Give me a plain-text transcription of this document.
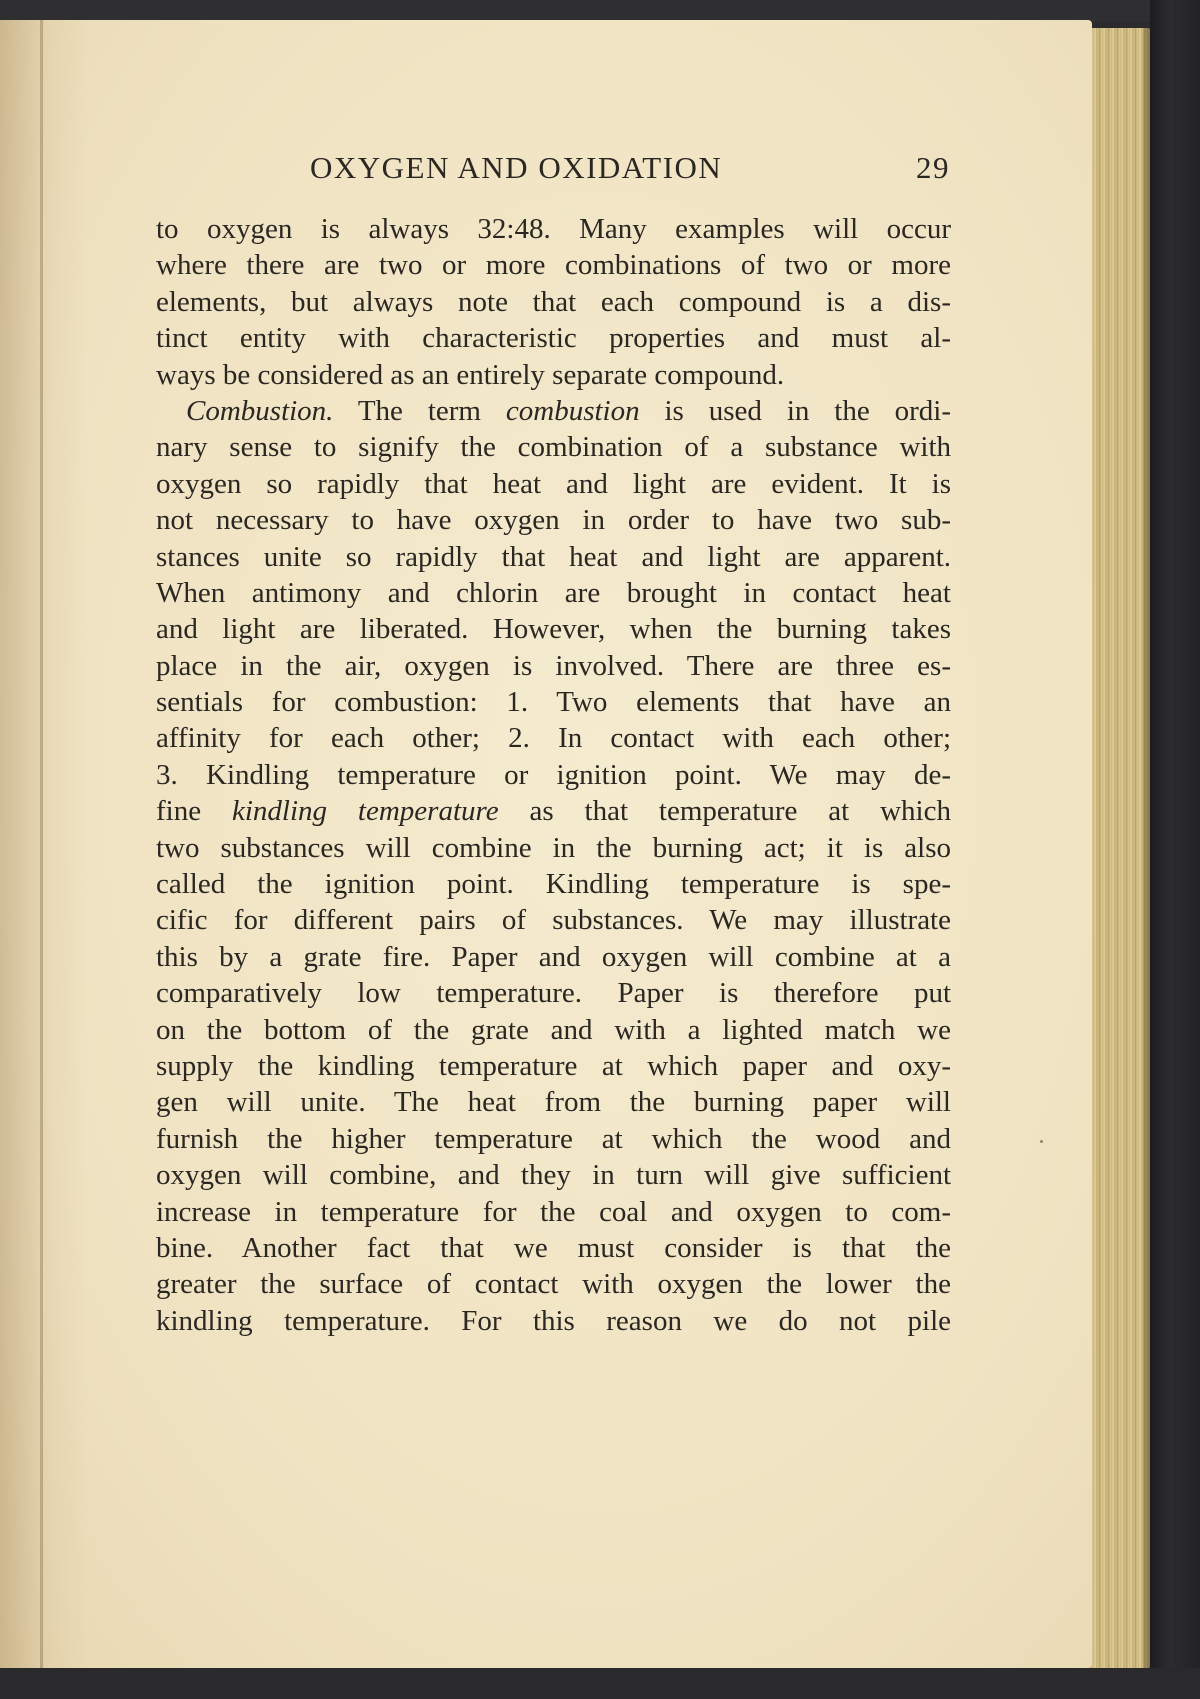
OXYGEN AND OXIDATION	29
to oxygen is always 32:48. Many examples will occur
where there are two or more combinations of two or more
elements, but always note that each compound is a dis-
tinct entity with characteristic properties and must al-
ways be considered as an entirely separate compound.
Combustion. The term combustion is used in the ordi-
nary sense to signify the combination of a substance with
oxygen so rapidly that heat and light are evident. It is
not necessary to have oxygen in order to have two sub-
stances unite so rapidly that heat and light are apparent.
When antimony and chlorin are brought in contact heat
and light are liberated. However, when the burning takes
place in the air, oxygen is involved. There are three es-
sentials for combustion: 1. Two elements that have an
affinity for each other; 2. In contact with each other;
3. Kindling temperature or ignition point. We may de-
fine kindling temperature as that temperature at which
two substances will combine in the burning act; it is also
called the ignition point. Kindling temperature is spe-
cific for different pairs of substances. We may illustrate
this by a grate fire. Paper and oxygen will combine at a
comparatively low temperature. Paper is therefore put
on the bottom of the grate and with a lighted match we
supply the kindling temperature at which paper and oxy-
gen will unite. The heat from the burning paper will
furnish the higher temperature at which the wood and
oxygen will combine, and they in turn will give sufficient
increase in temperature for the coal and oxygen to com-
bine. Another fact that we must consider is that the
greater the surface of contact with oxygen the lower the
kindling temperature. For this reason we do not pile
